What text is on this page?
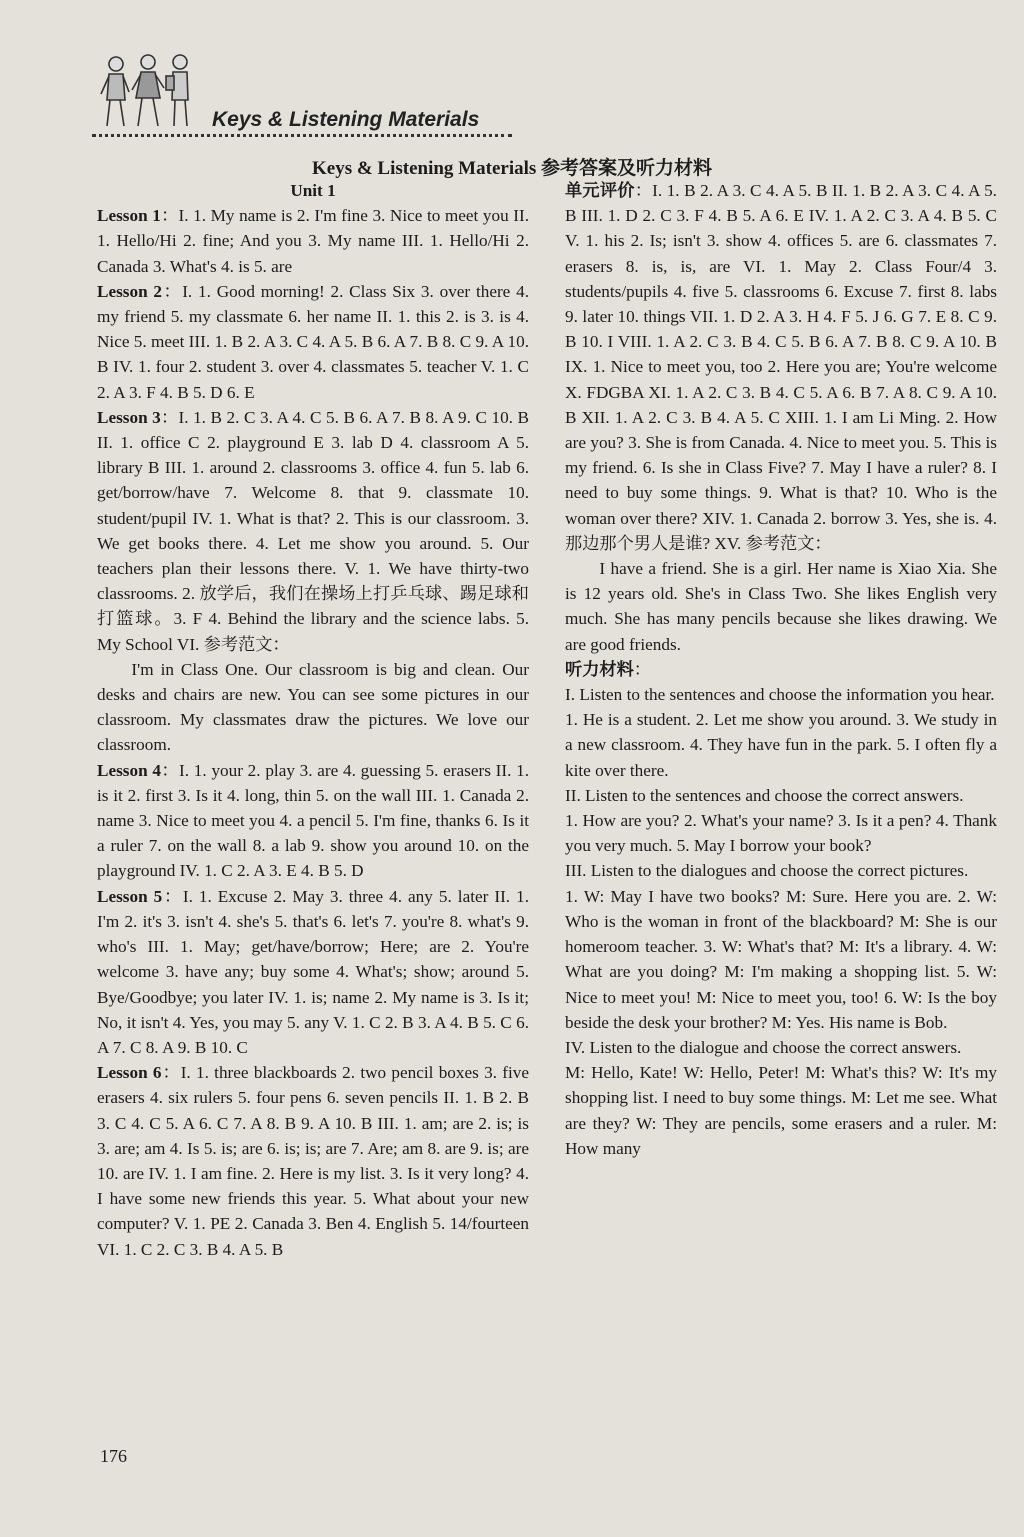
Keys & Listening Materials
Keys & Listening Materials 参考答案及听力材料

Unit 1

Lesson 1：I. 1. My name is 2. I'm fine 3. Nice to meet you II. 1. Hello/Hi 2. fine; And you 3. My name III. 1. Hello/Hi 2. Canada 3. What's 4. is 5. are

Lesson 2：I. 1. Good morning! 2. Class Six 3. over there 4. my friend 5. my classmate 6. her name II. 1. this 2. is 3. is 4. Nice 5. meet III. 1. B 2. A 3. C 4. A 5. B 6. A 7. B 8. C 9. A 10. B IV. 1. four 2. student 3. over 4. classmates 5. teacher V. 1. C 2. A 3. F 4. B 5. D 6. E

Lesson 3：I. 1. B 2. C 3. A 4. C 5. B 6. A 7. B 8. A 9. C 10. B II. 1. office C 2. playground E 3. lab D 4. classroom A 5. library B III. 1. around 2. classrooms 3. office 4. fun 5. lab 6. get/borrow/have 7. Welcome 8. that 9. classmate 10. student/pupil IV. 1. What is that? 2. This is our classroom. 3. We get books there. 4. Let me show you around. 5. Our teachers plan their lessons there. V. 1. We have thirty-two classrooms. 2. 放学后，我们在操场上打乒乓球、踢足球和打篮球。3. F 4. Behind the library and the science labs. 5. My School VI. 参考范文：

I'm in Class One. Our classroom is big and clean. Our desks and chairs are new. You can see some pictures in our classroom. My classmates draw the pictures. We love our classroom.

Lesson 4：I. 1. your 2. play 3. are 4. guessing 5. erasers II. 1. is it 2. first 3. Is it 4. long, thin 5. on the wall III. 1. Canada 2. name 3. Nice to meet you 4. a pencil 5. I'm fine, thanks 6. Is it a ruler 7. on the wall 8. a lab 9. show you around 10. on the playground IV. 1. C 2. A 3. E 4. B 5. D

Lesson 5：I. 1. Excuse 2. May 3. three 4. any 5. later II. 1. I'm 2. it's 3. isn't 4. she's 5. that's 6. let's 7. you're 8. what's 9. who's III. 1. May; get/have/borrow; Here; are 2. You're welcome 3. have any; buy some 4. What's; show; around 5. Bye/Goodbye; you later IV. 1. is; name 2. My name is 3. Is it; No, it isn't 4. Yes, you may 5. any V. 1. C 2. B 3. A 4. B 5. C 6. A 7. C 8. A 9. B 10. C

Lesson 6：I. 1. three blackboards 2. two pencil boxes 3. five erasers 4. six rulers 5. four pens 6. seven pencils II. 1. B 2. B 3. C 4. C 5. A 6. C 7. A 8. B 9. A 10. B III. 1. am; are 2. is; is 3. are; am 4. Is 5. is; are 6. is; is; are 7. Are; am 8. are 9. is; are 10. are IV. 1. I am fine. 2. Here is my list. 3. Is it very long? 4. I have some new friends this year. 5. What about your new computer? V. 1. PE 2. Canada 3. Ben 4. English 5. 14/fourteen VI. 1. C 2. C 3. B 4. A 5. B

单元评价：I. 1. B 2. A 3. C 4. A 5. B II. 1. B 2. A 3. C 4. A 5. B III. 1. D 2. C 3. F 4. B 5. A 6. E IV. 1. A 2. C 3. A 4. B 5. C V. 1. his 2. Is; isn't 3. show 4. offices 5. are 6. classmates 7. erasers 8. is, is, are VI. 1. May 2. Class Four/4 3. students/pupils 4. five 5. classrooms 6. Excuse 7. first 8. labs 9. later 10. things VII. 1. D 2. A 3. H 4. F 5. J 6. G 7. E 8. C 9. B 10. I VIII. 1. A 2. C 3. B 4. C 5. B 6. A 7. B 8. C 9. A 10. B IX. 1. Nice to meet you, too 2. Here you are; You're welcome X. FDGBA XI. 1. A 2. C 3. B 4. C 5. A 6. B 7. A 8. C 9. A 10. B XII. 1. A 2. C 3. B 4. A 5. C XIII. 1. I am Li Ming. 2. How are you? 3. She is from Canada. 4. Nice to meet you. 5. This is my friend. 6. Is she in Class Five? 7. May I have a ruler? 8. I need to buy some things. 9. What is that? 10. Who is the woman over there? XIV. 1. Canada 2. borrow 3. Yes, she is. 4. 那边那个男人是谁? XV. 参考范文：

I have a friend. She is a girl. Her name is Xiao Xia. She is 12 years old. She's in Class Two. She likes English very much. She has many pencils because she likes drawing. We are good friends.

听力材料：

I. Listen to the sentences and choose the information you hear.

1. He is a student. 2. Let me show you around. 3. We study in a new classroom. 4. They have fun in the park. 5. I often fly a kite over there.

II. Listen to the sentences and choose the correct answers.

1. How are you? 2. What's your name? 3. Is it a pen? 4. Thank you very much. 5. May I borrow your book?

III. Listen to the dialogues and choose the correct pictures.

1. W: May I have two books? M: Sure. Here you are. 2. W: Who is the woman in front of the blackboard? M: She is our homeroom teacher. 3. W: What's that? M: It's a library. 4. W: What are you doing? M: I'm making a shopping list. 5. W: Nice to meet you! M: Nice to meet you, too! 6. W: Is the boy beside the desk your brother? M: Yes. His name is Bob.

IV. Listen to the dialogue and choose the correct answers.

M: Hello, Kate! W: Hello, Peter! M: What's this? W: It's my shopping list. I need to buy some things. M: Let me see. What are they? W: They are pencils, some erasers and a ruler. M: How many

176
